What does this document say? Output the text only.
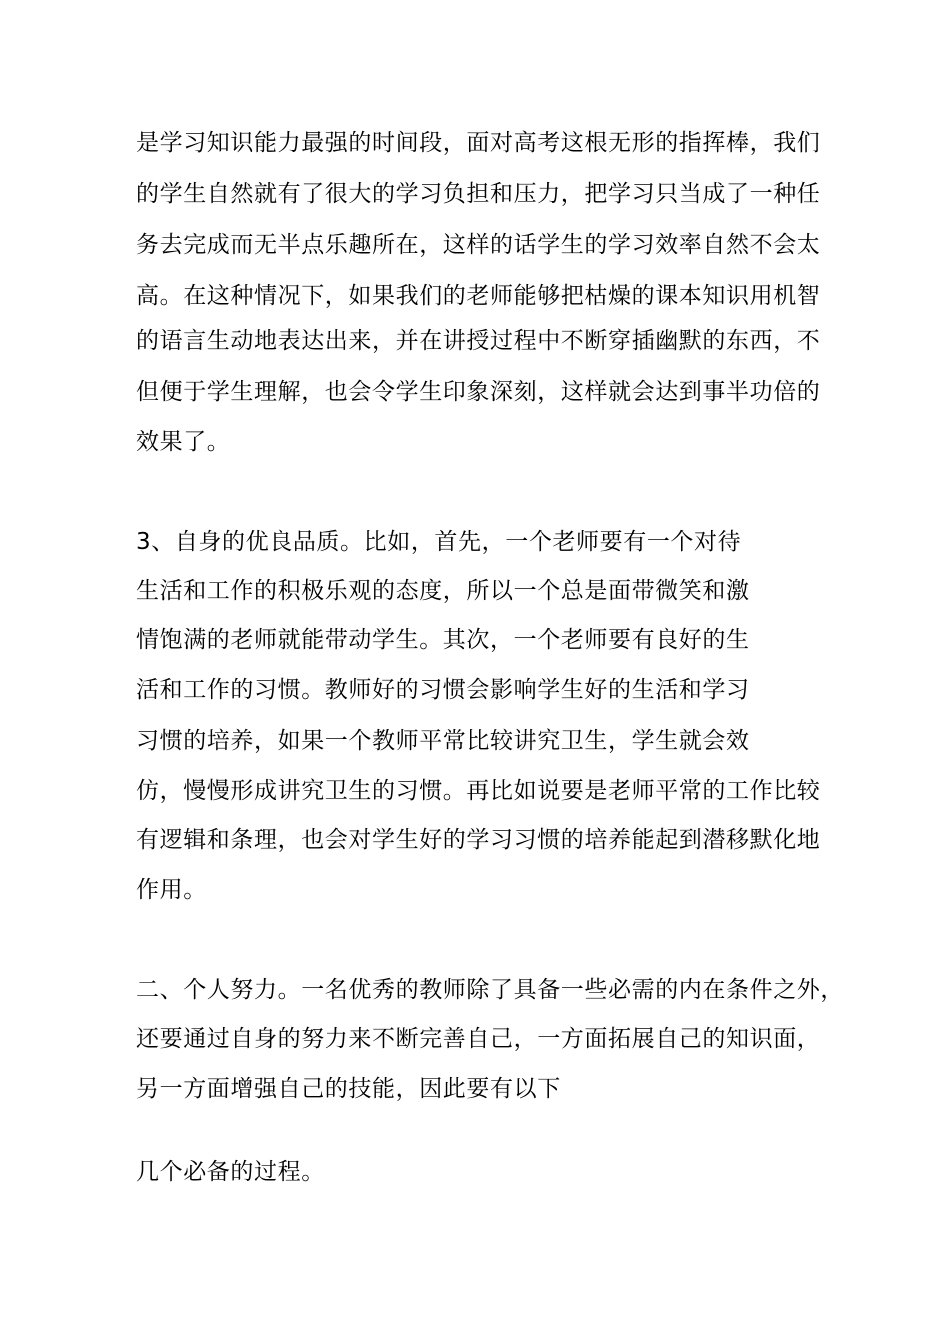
是学习知识能力最强的时间段，面对高考这根无形的指挥棒，我们
的学生自然就有了很大的学习负担和压力，把学习只当成了一种任
务去完成而无半点乐趣所在，这样的话学生的学习效率自然不会太
高。在这种情况下，如果我们的老师能够把枯燥的课本知识用机智
的语言生动地表达出来，并在讲授过程中不断穿插幽默的东西，不
但便于学生理解，也会令学生印象深刻，这样就会达到事半功倍的
效果了。
3、自身的优良品质。比如，首先，一个老师要有一个对待
生活和工作的积极乐观的态度，所以一个总是面带微笑和激
情饱满的老师就能带动学生。其次，一个老师要有良好的生
活和工作的习惯。教师好的习惯会影响学生好的生活和学习
习惯的培养，如果一个教师平常比较讲究卫生，学生就会效
仿，慢慢形成讲究卫生的习惯。再比如说要是老师平常的工作比较
有逻辑和条理，也会对学生好的学习习惯的培养能起到潜移默化地
作用。
二、个人努力。一名优秀的教师除了具备一些必需的内在条件之外，
还要通过自身的努力来不断完善自己，一方面拓展自己的知识面，
另一方面增强自己的技能，因此要有以下
几个必备的过程。
